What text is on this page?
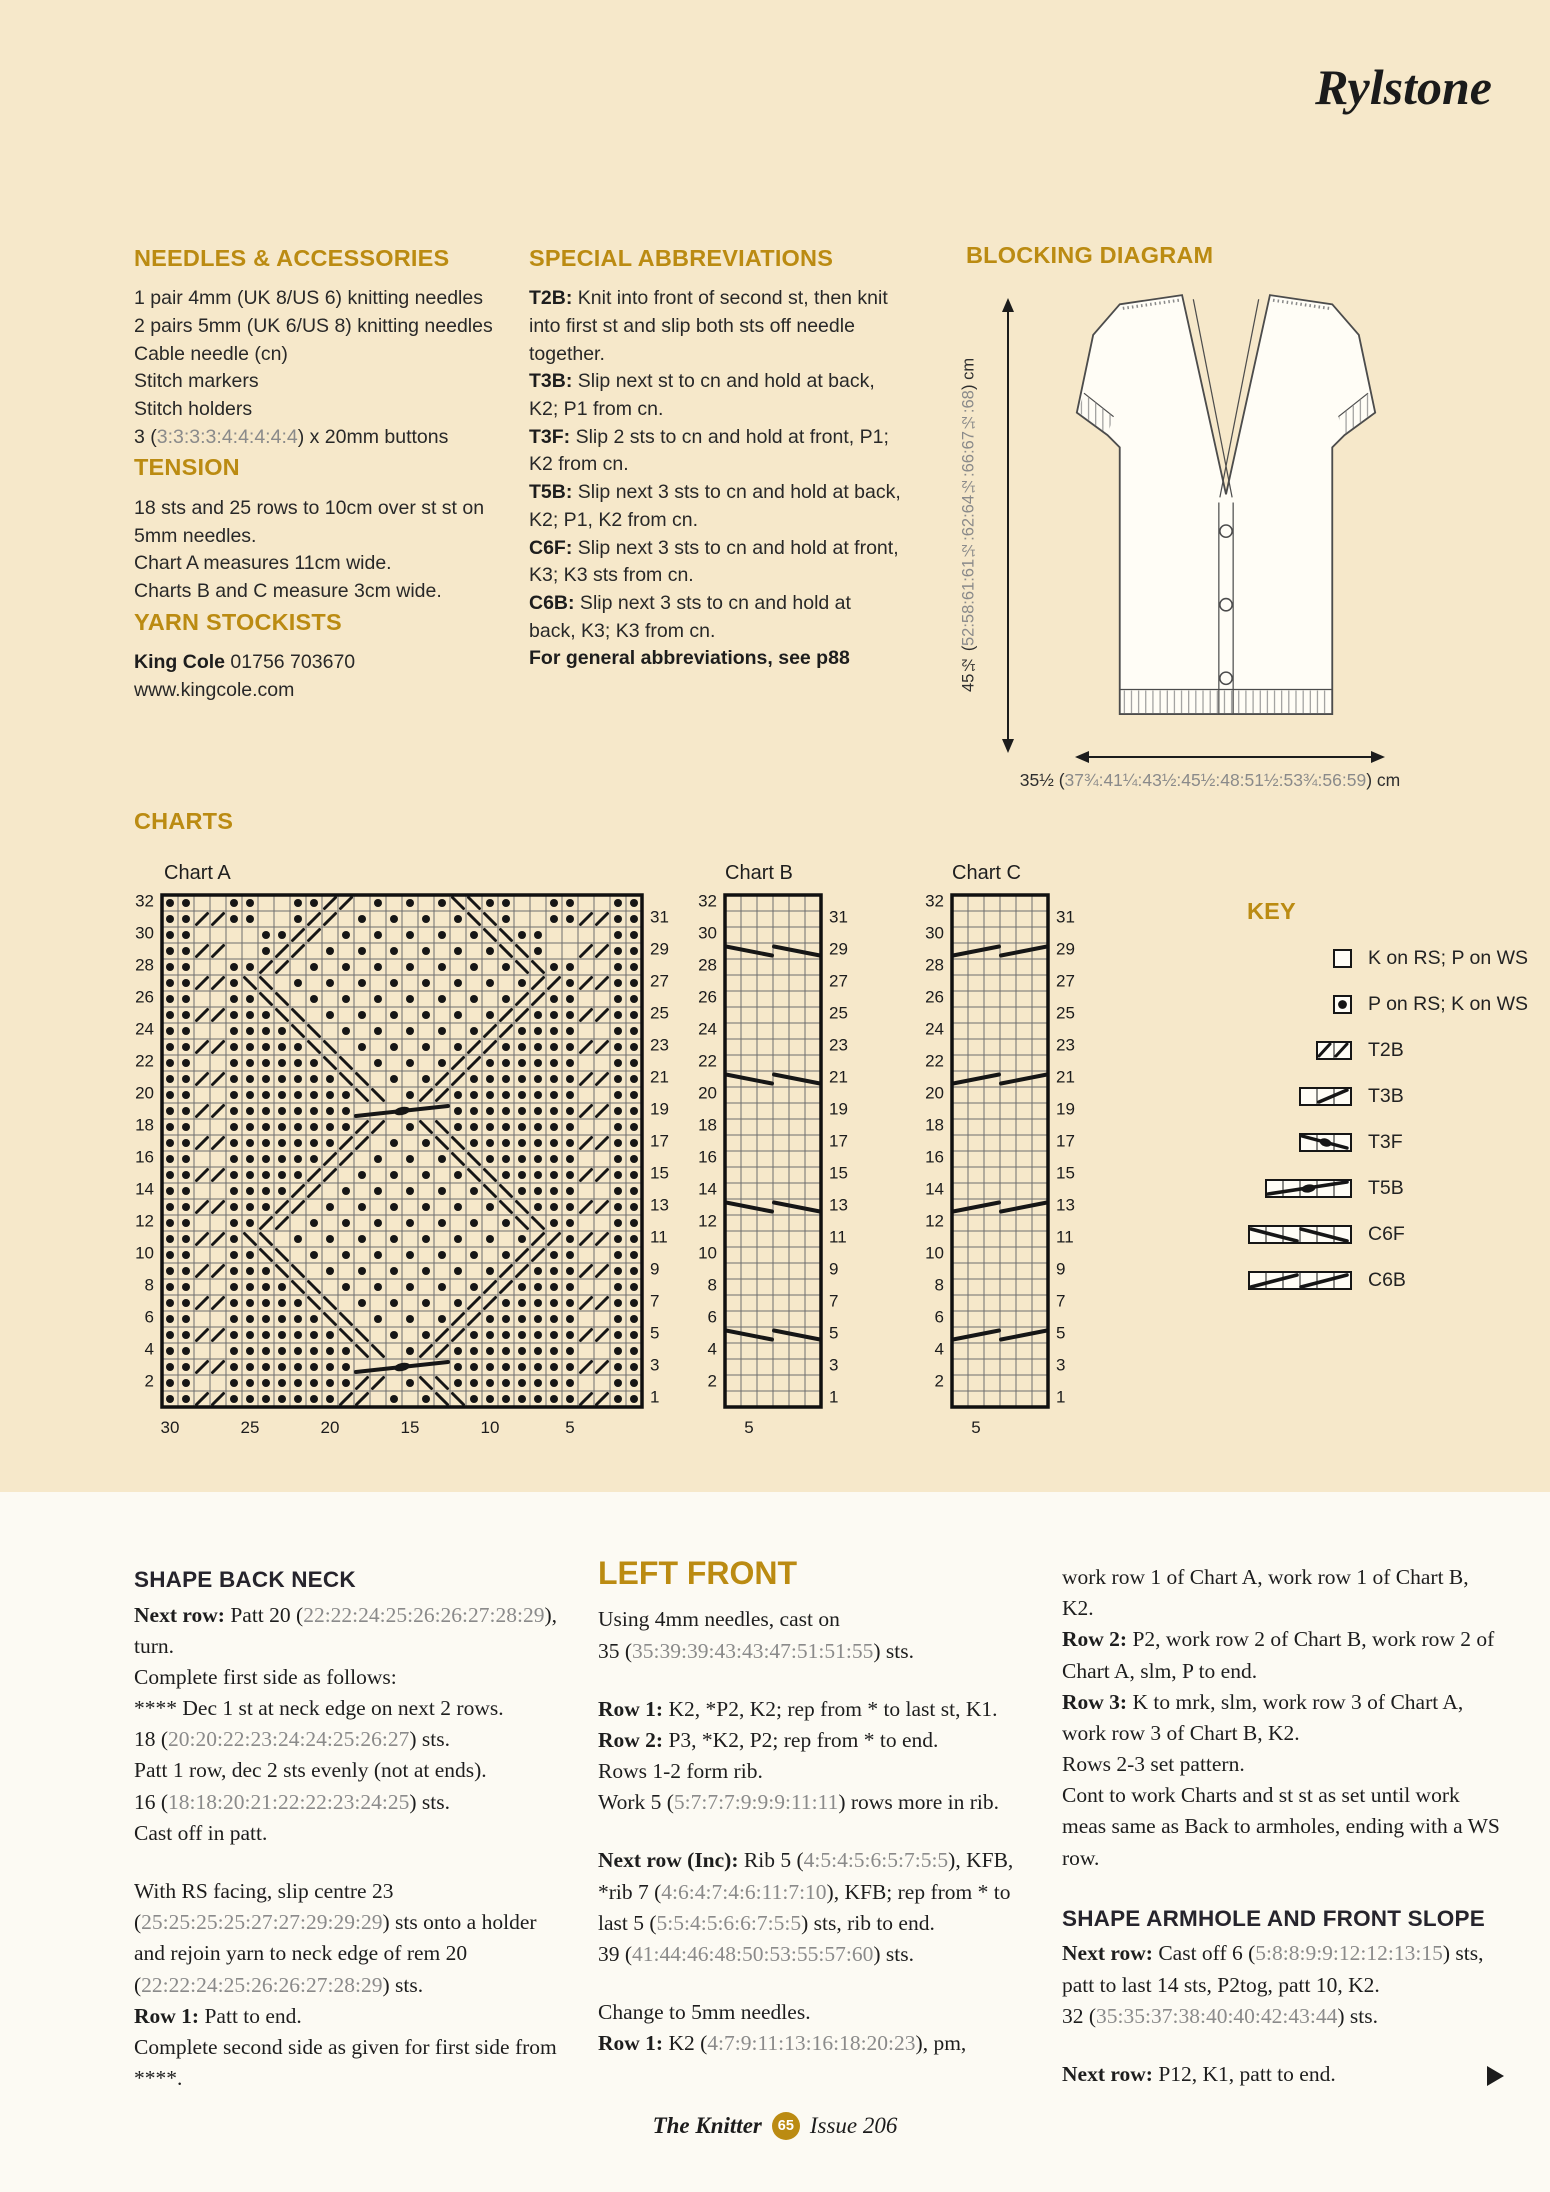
Rylstone
NEEDLES & ACCESSORIES

1 pair 4mm (UK 8/US 6) knitting needles

2 pairs 5mm (UK 6/US 8) knitting needles

Cable needle (cn)

Stitch markers

Stitch holders

3 (3:3:3:3:4:4:4:4:4) x 20mm buttons

TENSION

18 sts and 25 rows to 10cm over st st on 5mm needles.

Chart A measures 11cm wide.

Charts B and C measure 3cm wide.

YARN STOCKISTS

King Cole 01756 703670

www.kingcole.com

SPECIAL ABBREVIATIONS

T2B: Knit into front of second st, then knit into first st and slip both sts off needle together.

T3B: Slip next st to cn and hold at back, K2; P1 from cn.

T3F: Slip 2 sts to cn and hold at front, P1; K2 from cn.

T5B: Slip next 3 sts to cn and hold at back, K2; P1, K2 from cn.

C6F: Slip next 3 sts to cn and hold at front, K3; K3 sts from cn.

C6B: Slip next 3 sts to cn and hold at back, K3; K3 from cn.

For general abbreviations, see p88

BLOCKING DIAGRAM
45½ (
52:58:61:61½:62:64½:66:67½:68
) cm
35½ (37¾:41¼:43½:45½:48:51½:53¾:56:59) cm
CHARTS
Chart A
32
31
30
29
28
27
26
25
24
23
22
21
20
19
18
17
16
15
14
13
12
11
10
9
8
7
6
5
4
3
2
1
30	25	20	15	10	5
Chart B
32
31
30
29
28
27
26
25
24
23
22
21
20
19
18
17
16
15
14
13
12
11
10
9
8
7
6
5
4
3
2
1
5
Chart C
32
31
30
29
28
27
26
25
24
23
22
21
20
19
18
17
16
15
14
13
12
11
10
9
8
7
6
5
4
3
2
1
5
KEY
K on RS; P on WS
P on RS; K on WS
T2B
T3B
T3F
T5B
C6F
C6B

SHAPE BACK NECK

Next row: Patt 20 (22:22:24:25:26:26:27:28:29), turn.

Complete first side as follows:

**** Dec 1 st at neck edge on next 2 rows.

18 (20:20:22:23:24:24:25:26:27) sts.

Patt 1 row, dec 2 sts evenly (not at ends).

16 (18:18:20:21:22:22:23:24:25) sts.

Cast off in patt.

With RS facing, slip centre 23 (25:25:25:25:27:27:29:29:29) sts onto a holder and rejoin yarn to neck edge of rem 20 (22:22:24:25:26:26:27:28:29) sts.

Row 1: Patt to end.

Complete second side as given for first side from ****.

LEFT FRONT

Using 4mm needles, cast on

35 (35:39:39:43:43:47:51:51:55) sts.

Row 1: K2, *P2, K2; rep from * to last st, K1.

Row 2: P3, *K2, P2; rep from * to end.

Rows 1-2 form rib.

Work 5 (5:7:7:7:9:9:9:11:11) rows more in rib.

Next row (Inc): Rib 5 (4:5:4:5:6:5:7:5:5), KFB, *rib 7 (4:6:4:7:4:6:11:7:10), KFB; rep from * to last 5 (5:5:4:5:6:6:7:5:5) sts, rib to end.

39 (41:44:46:48:50:53:55:57:60) sts.

Change to 5mm needles.

Row 1: K2 (4:7:9:11:13:16:18:20:23), pm,

work row 1 of Chart A, work row 1 of Chart B, K2.

Row 2: P2, work row 2 of Chart B, work row 2 of Chart A, slm, P to end.

Row 3: K to mrk, slm, work row 3 of Chart A, work row 3 of Chart B, K2.

Rows 2-3 set pattern.

Cont to work Charts and st st as set until work meas same as Back to armholes, ending with a WS row.

SHAPE ARMHOLE AND FRONT SLOPE

Next row: Cast off 6 (5:8:8:9:9:12:12:13:15) sts, patt to last 14 sts, P2tog, patt 10, K2.

32 (35:35:37:38:40:40:42:43:44) sts.

Next row: P12, K1, patt to end.

The Knitter	65 Issue 206
